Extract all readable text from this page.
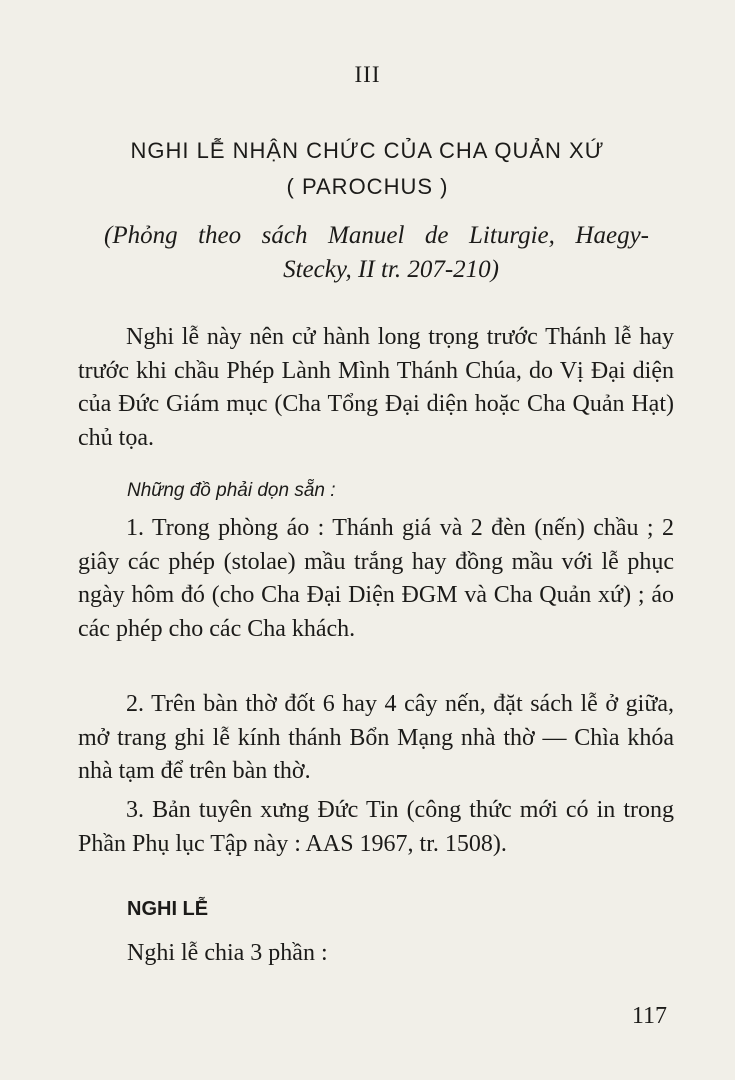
III
NGHI LỄ NHẬN CHỨC CỦA CHA QUẢN XỨ
( PAROCHUS )
(Phỏng theo sách Manuel de Liturgie, Haegy-
Stecky, II tr. 207-210)
Nghi lễ này nên cử hành long trọng trước Thánh lễ hay trước khi chầu Phép Lành Mình Thánh Chúa, do Vị Đại diện của Đức Giám mục (Cha Tổng Đại diện hoặc Cha Quản Hạt) chủ tọa.
Những đồ phải dọn sẵn :
1. Trong phòng áo : Thánh giá và 2 đèn (nến) chầu ; 2 giây các phép (stolae) mầu trắng hay đồng mầu với lễ phục ngày hôm đó (cho Cha Đại Diện ĐGM và Cha Quản xứ) ; áo các phép cho các Cha khách.
2. Trên bàn thờ đốt 6 hay 4 cây nến, đặt sách lễ ở giữa, mở trang ghi lễ kính thánh Bổn Mạng nhà thờ — Chìa khóa nhà tạm để trên bàn thờ.
3. Bản tuyên xưng Đức Tin (công thức mới có in trong Phần Phụ lục Tập này : AAS 1967, tr. 1508).
NGHI LỄ
Nghi lễ chia 3 phần :
117
